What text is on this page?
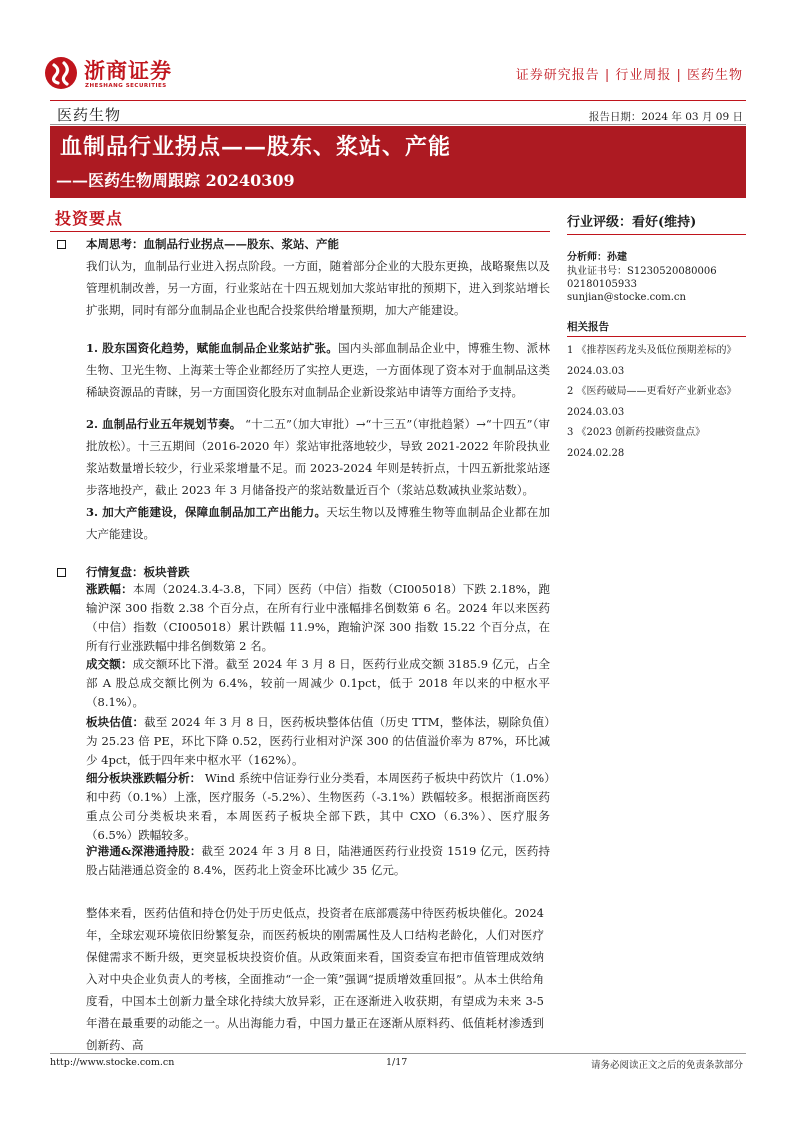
浙商证券
ZHESHANG SECURITIES
证券研究报告 | 行业周报 | 医药生物
医药生物	报告日期：2024 年 03 月 09 日
血制品行业拐点——股东、浆站、产能
——医药生物周跟踪 20240309
投资要点
本周思考：血制品行业拐点——股东、浆站、产能
我们认为，血制品行业进入拐点阶段。一方面，随着部分企业的大股东更换，战略聚焦以及管理机制改善，另一方面，行业浆站在十四五规划加大浆站审批的预期下，进入到浆站增长扩张期，同时有部分血制品企业也配合投浆供给增量预期，加大产能建设。
1. 股东国资化趋势，赋能血制品企业浆站扩张。国内头部血制品企业中，博雅生物、派林生物、卫光生物、上海莱士等企业都经历了实控人更迭，一方面体现了资本对于血制品这类稀缺资源品的青睐，另一方面国资化股东对血制品企业新设浆站申请等方面给予支持。
2. 血制品行业五年规划节奏。 “十二五”（加大审批）→“十三五”（审批趋紧）→“十四五”（审批放松）。十三五期间（2016-2020 年）浆站审批落地较少，导致 2021-2022 年阶段执业浆站数量增长较少，行业采浆增量不足。而 2023-2024 年则是转折点，十四五新批浆站逐步落地投产，截止 2023 年 3 月储备投产的浆站数量近百个（浆站总数减执业浆站数）。
3. 加大产能建设，保障血制品加工产出能力。天坛生物以及博雅生物等血制品企业都在加大产能建设。
行情复盘：板块普跌
涨跌幅：本周（2024.3.4-3.8，下同）医药（中信）指数（CI005018）下跌 2.18%，跑输沪深 300 指数 2.38 个百分点，在所有行业中涨幅排名倒数第 6 名。2024 年以来医药（中信）指数（CI005018）累计跌幅 11.9%，跑输沪深 300 指数 15.22 个百分点，在所有行业涨跌幅中排名倒数第 2 名。
成交额：成交额环比下滑。截至 2024 年 3 月 8 日，医药行业成交额 3185.9 亿元，占全部 A 股总成交额比例为 6.4%，较前一周减少 0.1pct，低于 2018 年以来的中枢水平（8.1%）。
板块估值：截至 2024 年 3 月 8 日，医药板块整体估值（历史 TTM，整体法，剔除负值）为 25.23 倍 PE，环比下降 0.52，医药行业相对沪深 300 的估值溢价率为 87%，环比减少 4pct，低于四年来中枢水平（162%）。
细分板块涨跌幅分析： Wind 系统中信证券行业分类看，本周医药子板块中药饮片（1.0%）和中药（0.1%）上涨，医疗服务（-5.2%）、生物医药（-3.1%）跌幅较多。根据浙商医药重点公司分类板块来看，本周医药子板块全部下跌，其中 CXO（6.3%）、医疗服务（6.5%）跌幅较多。
沪港通&深港通持股：截至 2024 年 3 月 8 日，陆港通医药行业投资 1519 亿元，医药持股占陆港通总资金的 8.4%，医药北上资金环比减少 35 亿元。
整体来看，医药估值和持仓仍处于历史低点，投资者在底部震荡中待医药板块催化。2024 年，全球宏观环境依旧纷繁复杂，而医药板块的刚需属性及人口结构老龄化，人们对医疗保健需求不断升级，更突显板块投资价值。从政策面来看，国资委宣布把市值管理成效纳入对中央企业负责人的考核，全面推动“一企一策”强调“提质增效重回报”。从本土供给角度看，中国本土创新力量全球化持续大放异彩，正在逐渐进入收获期，有望成为未来 3-5 年潜在最重要的动能之一。从出海能力看，中国力量正在逐渐从原料药、低值耗材渗透到创新药、高
行业评级：看好(维持)
分析师：孙建
执业证书号：S1230520080006
02180105933
sunjian@stocke.com.cn
相关报告
1 《推荐医药龙头及低位预期差标的》2024.03.03
2 《医药破局——更看好产业新业态》2024.03.03
3 《2023 创新药投融资盘点》
2024.02.28
http://www.stocke.com.cn	1/17	请务必阅读正文之后的免责条款部分
